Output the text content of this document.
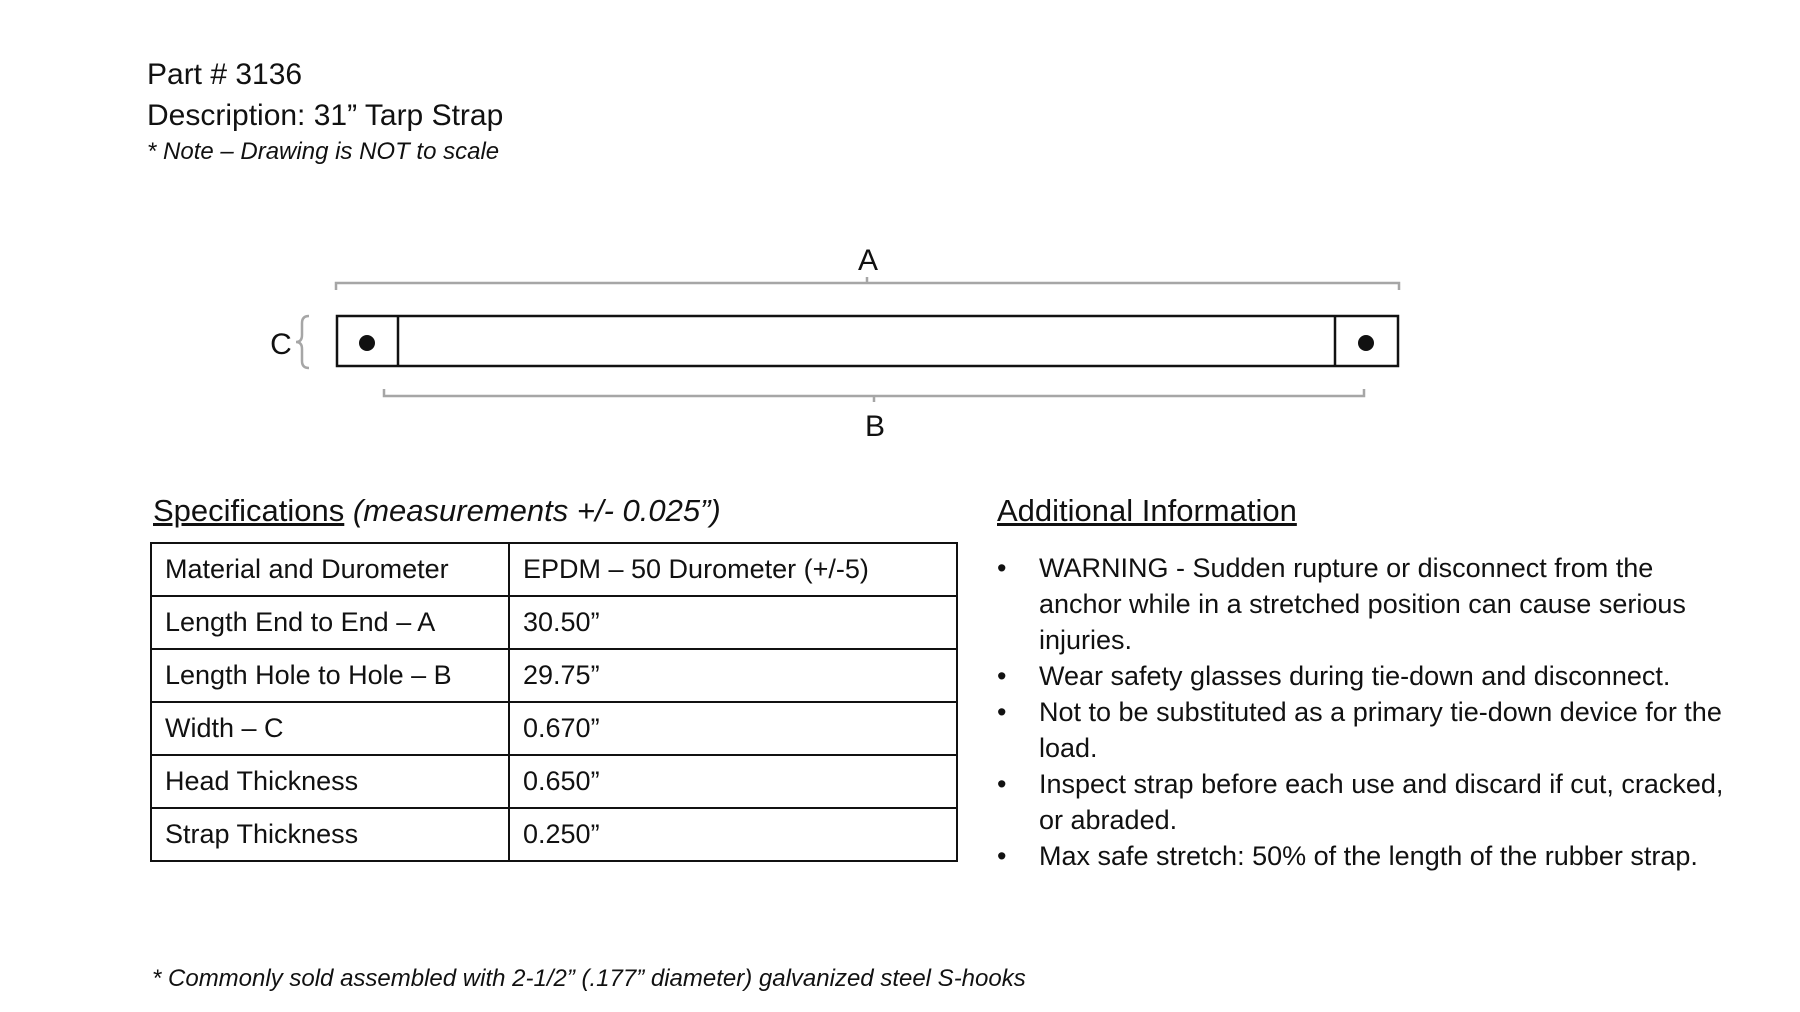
Part # 3136

Description: 31” Tarp Strap

* Note – Drawing is NOT to scale

A
C
B

Specifications (measurements +/- 0.025”)

Material and Durometer	EPDM – 50 Durometer (+/-5)
Length End to End – A	30.50”
Length Hole to Hole – B	29.75”
Width – C	0.670”
Head Thickness	0.650”
Strap Thickness	0.250”

Additional Information

• WARNING - Sudden rupture or disconnect from the anchor while in a stretched position can cause serious injuries.
• Wear safety glasses during tie-down and disconnect.
• Not to be substituted as a primary tie-down device for the load.
• Inspect strap before each use and discard if cut, cracked, or abraded.
• Max safe stretch: 50% of the length of the rubber strap.

* Commonly sold assembled with 2-1/2” (.177” diameter) galvanized steel S-hooks
